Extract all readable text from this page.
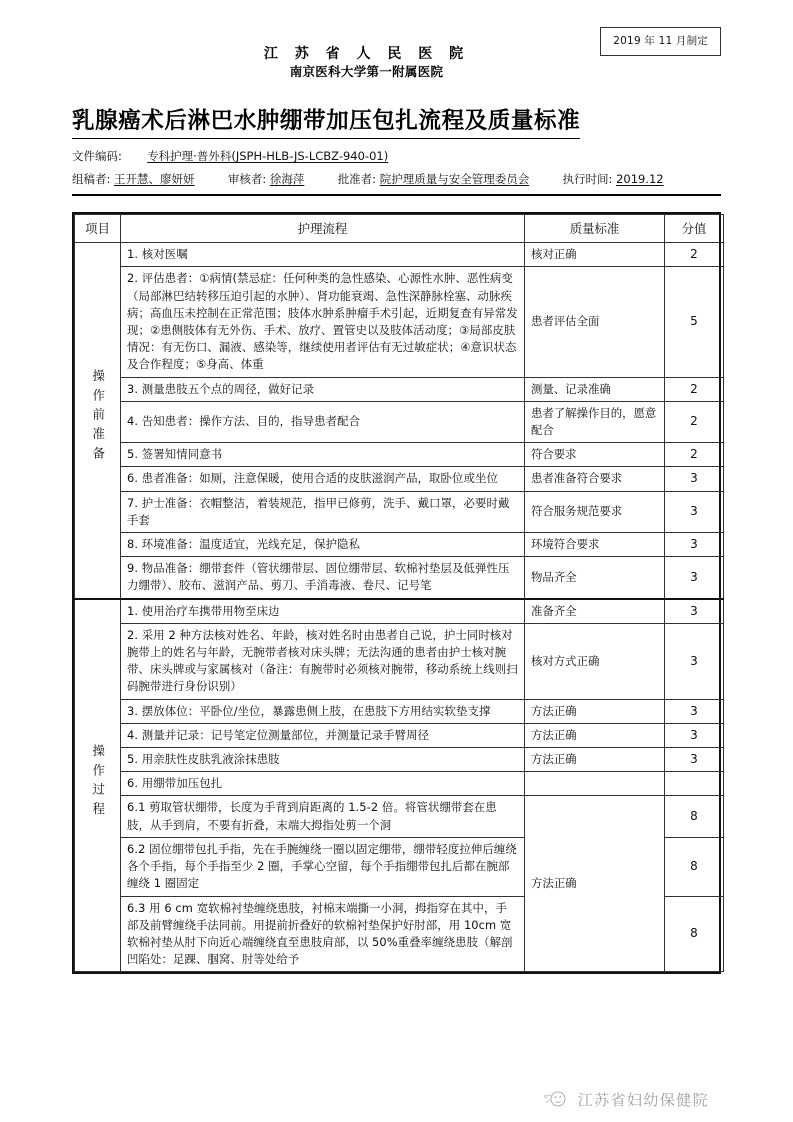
江 苏 省 人 民 医 院
南京医科大学第一附属医院
2019 年 11 月制定
乳腺癌术后淋巴水肿绷带加压包扎流程及质量标准
文件编码: 专科护理·普外科(JSPH-HLB-JS-LCBZ-940-01)
组稿者: 王开慧、廖妍妍	审核者: 徐海萍	批准者: 院护理质量与安全管理委员会	执行时间: 2019.12
项目	护理流程	质量标准	分值
操作前准备	1. 核对医嘱	核对正确	2
	2. 评估患者：①病情(禁忌症：任何种类的急性感染、心源性水肿、恶性病变（局部淋巴结转移压迫引起的水肿）、肾功能衰竭、急性深静脉栓塞、动脉疾病；高血压未控制在正常范围；肢体水肿系肿瘤手术引起，近期复查有异常发现；②患侧肢体有无外伤、手术、放疗、置管史以及肢体活动度；③局部皮肤情况：有无伤口、漏液、感染等，继续使用者评估有无过敏症状；④意识状态及合作程度；⑤身高、体重	患者评估全面	5
	3. 测量患肢五个点的周径，做好记录	测量、记录准确	2
	4. 告知患者：操作方法、目的，指导患者配合	患者了解操作目的，愿意配合	2
	5. 签署知情同意书	符合要求	2
	6. 患者准备：如厕，注意保暖，使用合适的皮肤滋润产品，取卧位或坐位	患者准备符合要求	3
	7. 护士准备：衣帽整洁，着装规范，指甲已修剪，洗手、戴口罩，必要时戴手套	符合服务规范要求	3
	8. 环境准备：温度适宜，光线充足，保护隐私	环境符合要求	3
	9. 物品准备：绷带套件（管状绷带层、固位绷带层、软棉衬垫层及低弹性压力绷带）、胶布、滋润产品、剪刀、手消毒液、卷尺、记号笔	物品齐全	3
操作过程	1. 使用治疗车携带用物至床边	准备齐全	3
	2. 采用 2 种方法核对姓名、年龄，核对姓名时由患者自己说，护士同时核对腕带上的姓名与年龄，无腕带者核对床头牌；无法沟通的患者由护士核对腕带、床头牌或与家属核对（备注：有腕带时必须核对腕带，移动系统上线则扫码腕带进行身份识别）	核对方式正确	3
	3. 摆放体位：平卧位/坐位，暴露患侧上肢，在患肢下方用结实软垫支撑	方法正确	3
	4. 测量并记录：记号笔定位测量部位，并测量记录手臂周径	方法正确	3
	5. 用亲肤性皮肤乳液涂抹患肢	方法正确	3
	6. 用绷带加压包扎		
	6.1 剪取管状绷带，长度为手背到肩距离的 1.5-2 倍。将管状绷带套在患肢，从手到肩，不要有折叠，末端大拇指处剪一个洞	方法正确	8
	6.2 固位绷带包扎手指，先在手腕缠绕一圈以固定绷带，绷带轻度拉伸后缠绕各个手指，每个手指至少 2 圈，手掌心空留，每个手指绷带包扎后都在腕部缠绕 1 圈固定		8
	6.3 用 6 cm 宽软棉衬垫缠绕患肢，衬棉末端撕一小洞，拇指穿在其中，手部及前臂缠绕手法同前。用提前折叠好的软棉衬垫保护好肘部，用 10cm 宽软棉衬垫从肘下向近心端缠绕直至患肢肩部，以 50%重叠率缠绕患肢（解剖凹陷处：足踝、腘窝、肘等处给予		8
江苏省妇幼保健院
